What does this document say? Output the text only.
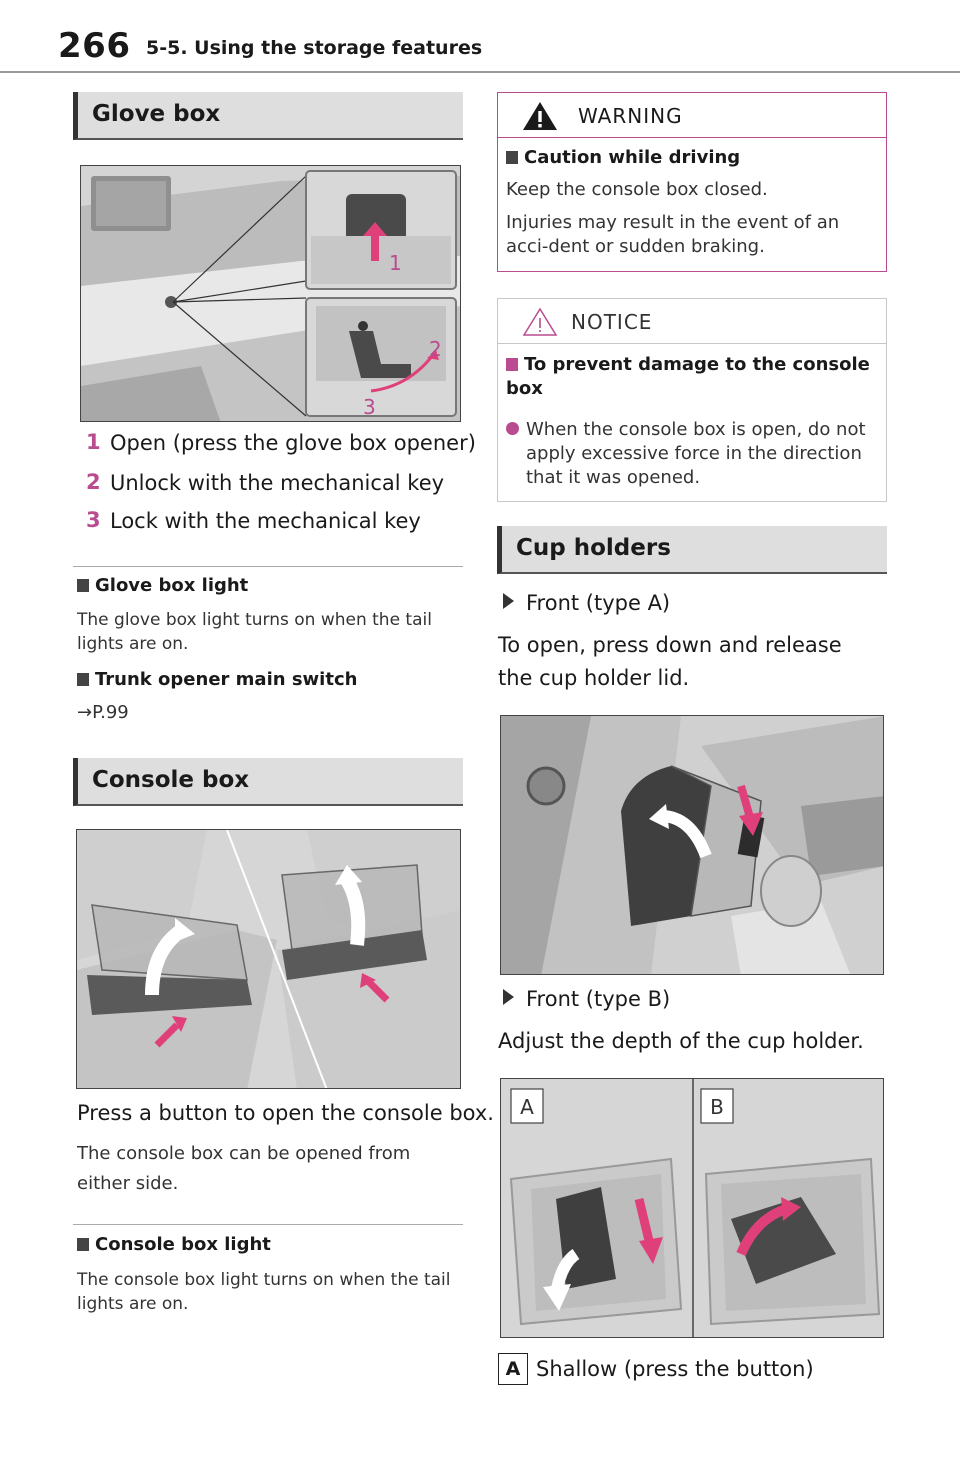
266 5-5. Using the storage features
Glove box
1
2
3
1 Open (press the glove box opener)
2 Unlock with the mechanical key
3 Lock with the mechanical key
Glove box light
The glove box light turns on when the tail lights are on.
Trunk opener main switch
→P.99
Console box
Press a button to open the console box.
The console box can be opened from either side.
Console box light
The console box light turns on when the tail lights are on.
WARNING
Caution while driving
Keep the console box closed.
Injuries may result in the event of an acci-dent or sudden braking.
NOTICE
To prevent damage to the console box
When the console box is open, do not apply excessive force in the direction that it was opened.
Cup holders
Front (type A)
To open, press down and release the cup holder lid.
Front (type B)
Adjust the depth of the cup holder.
A	B
A Shallow (press the button)
